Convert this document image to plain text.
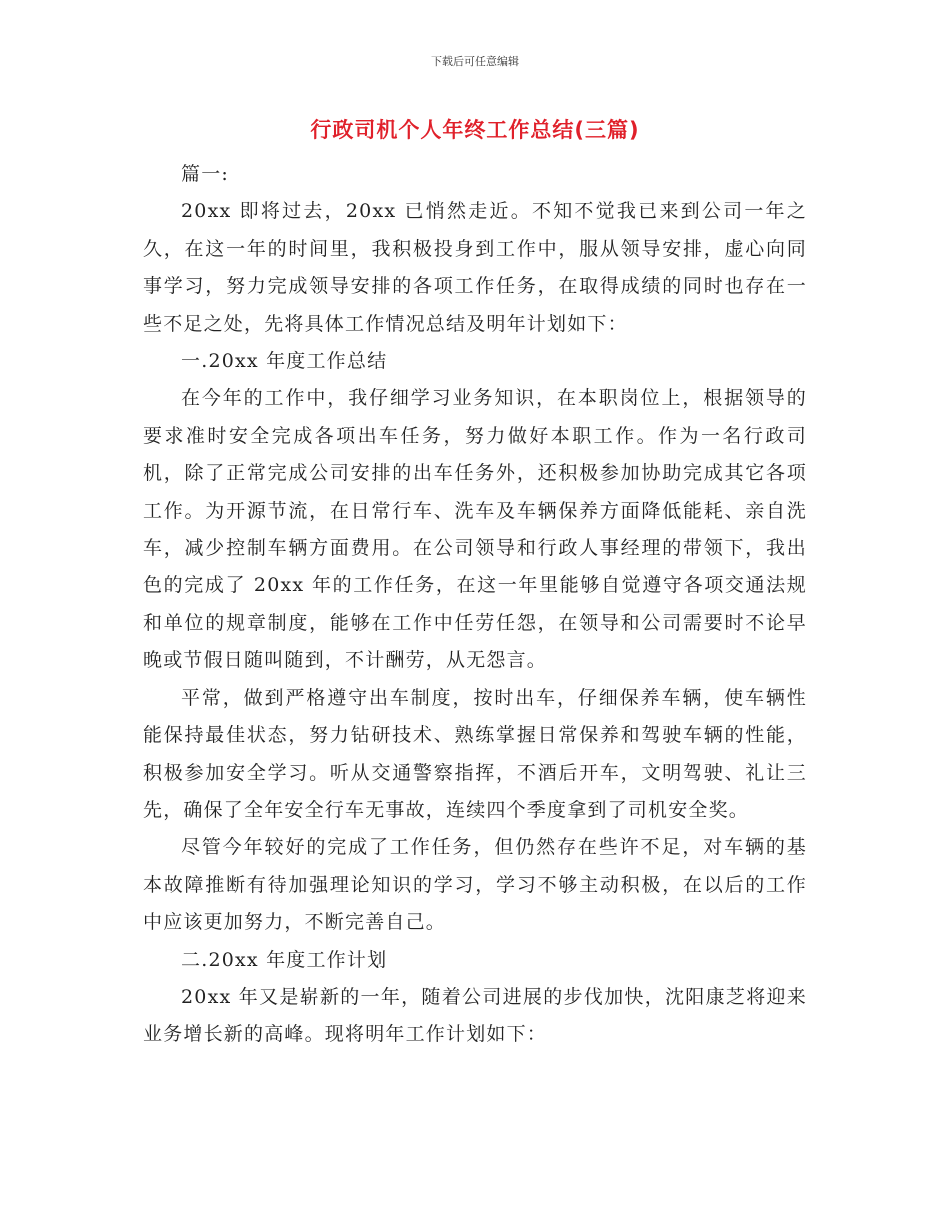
下载后可任意编辑
行政司机个人年终工作总结(三篇)

篇一:

20xx 即将过去，20xx 已悄然走近。不知不觉我已来到公司一年之久，在这一年的时间里，我积极投身到工作中，服从领导安排，虚心向同事学习，努力完成领导安排的各项工作任务，在取得成绩的同时也存在一些不足之处，先将具体工作情况总结及明年计划如下：

一.20xx 年度工作总结

在今年的工作中，我仔细学习业务知识，在本职岗位上，根据领导的要求准时安全完成各项出车任务，努力做好本职工作。作为一名行政司机，除了正常完成公司安排的出车任务外，还积极参加协助完成其它各项工作。为开源节流，在日常行车、洗车及车辆保养方面降低能耗、亲自洗车，减少控制车辆方面费用。在公司领导和行政人事经理的带领下，我出色的完成了 20xx 年的工作任务，在这一年里能够自觉遵守各项交通法规和单位的规章制度，能够在工作中任劳任怨，在领导和公司需要时不论早晚或节假日随叫随到，不计酬劳，从无怨言。

平常，做到严格遵守出车制度，按时出车，仔细保养车辆，使车辆性能保持最佳状态，努力钻研技术、熟练掌握日常保养和驾驶车辆的性能，积极参加安全学习。听从交通警察指挥，不酒后开车，文明驾驶、礼让三先，确保了全年安全行车无事故，连续四个季度拿到了司机安全奖。

尽管今年较好的完成了工作任务，但仍然存在些许不足，对车辆的基本故障推断有待加强理论知识的学习，学习不够主动积极，在以后的工作中应该更加努力，不断完善自己。

二.20xx 年度工作计划

20xx 年又是崭新的一年，随着公司进展的步伐加快，沈阳康芝将迎来业务增长新的高峰。现将明年工作计划如下：
